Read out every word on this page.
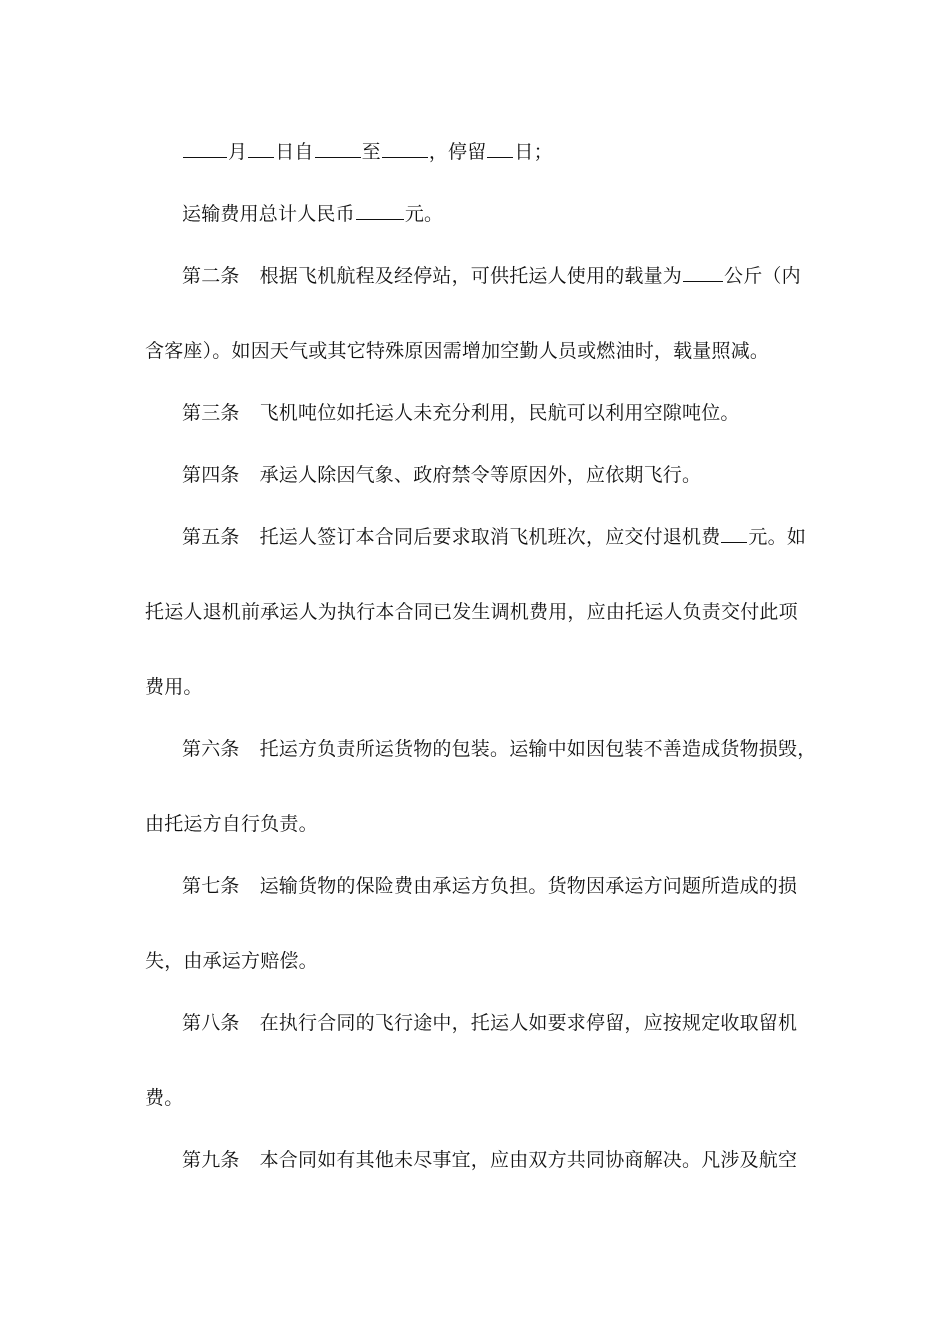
月 日自	至	，停留 日；
运输费用总计人民币	元。
第二条 根据飞机航程及经停站，可供托运人使用的载量为 公斤（内
含客座）。如因天气或其它特殊原因需增加空勤人员或燃油时，载量照减。
第三条 飞机吨位如托运人未充分利用，民航可以利用空隙吨位。
第四条 承运人除因气象、政府禁令等原因外，应依期飞行。
第五条 托运人签订本合同后要求取消飞机班次，应交付退机费 元。如
托运人退机前承运人为执行本合同已发生调机费用，应由托运人负责交付此项
费用。
第六条 托运方负责所运货物的包装。运输中如因包装不善造成货物损毁，
由托运方自行负责。
第七条 运输货物的保险费由承运方负担。货物因承运方问题所造成的损
失，由承运方赔偿。
第八条 在执行合同的飞行途中，托运人如要求停留，应按规定收取留机
费。
第九条 本合同如有其他未尽事宜，应由双方共同协商解决。凡涉及航空
